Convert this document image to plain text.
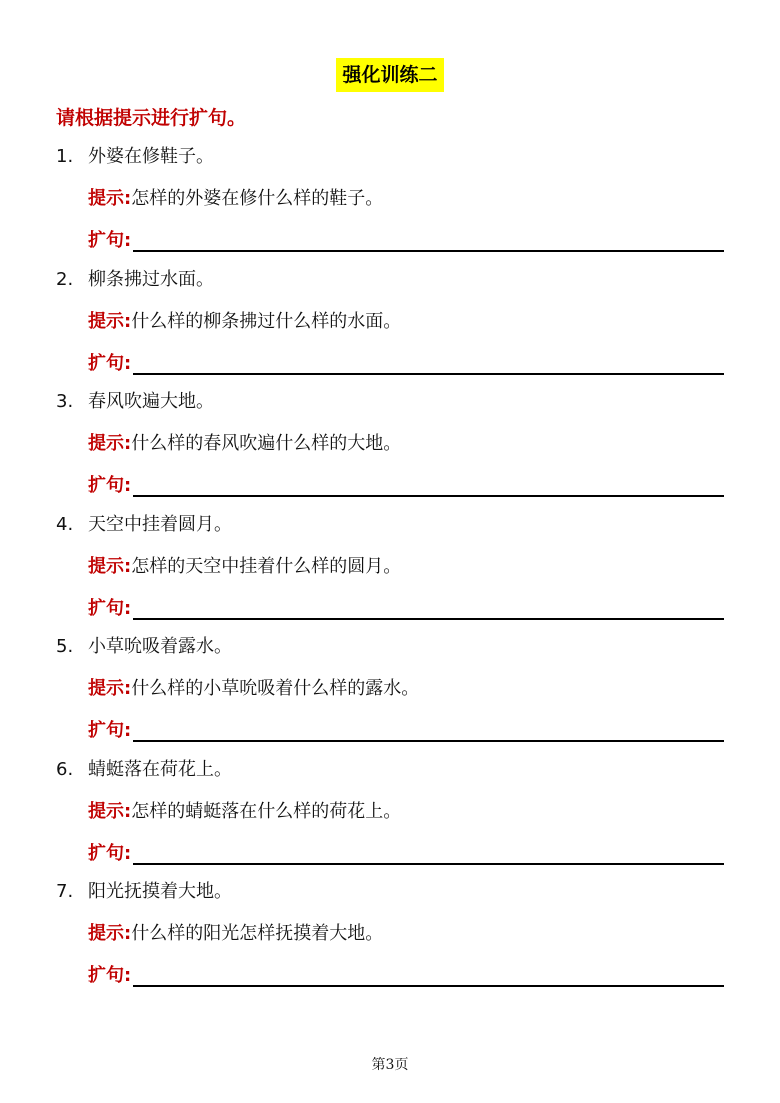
强化训练二
请根据提示进行扩句。
1. 外婆在修鞋子。
提示:怎样的外婆在修什么样的鞋子。
扩句:
2. 柳条拂过水面。
提示:什么样的柳条拂过什么样的水面。
扩句:
3. 春风吹遍大地。
提示:什么样的春风吹遍什么样的大地。
扩句:
4. 天空中挂着圆月。
提示:怎样的天空中挂着什么样的圆月。
扩句:
5. 小草吮吸着露水。
提示:什么样的小草吮吸着什么样的露水。
扩句:
6. 蜻蜓落在荷花上。
提示:怎样的蜻蜓落在什么样的荷花上。
扩句:
7. 阳光抚摸着大地。
提示:什么样的阳光怎样抚摸着大地。
扩句:
第3页
